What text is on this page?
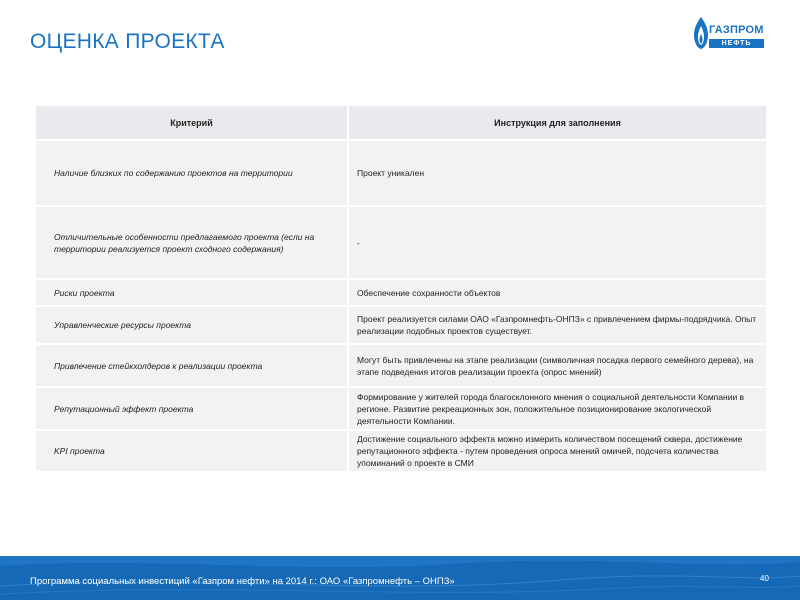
ОЦЕНКА ПРОЕКТА	ГАЗПРОМ
НЕФТЬ
Критерий	Инструкция для заполнения
Наличие близких по содержанию проектов на территории	Проект уникален
Отличительные особенности предлагаемого проекта (если на территории реализуется проект сходного содержания)	-
Риски проекта	Обеспечение сохранности объектов
Управленческие ресурсы проекта	Проект реализуется силами ОАО «Газпромнефть-ОНПЗ» с привлечением фирмы-подрядчика. Опыт реализации подобных проектов существует.
Привлечение стейкхолдеров к реализации проекта	Могут быть привлечены на этапе реализации (символичная посадка первого семейного дерева), на этапе подведения итогов реализации проекта (опрос мнений)
Репутационный эффект проекта	Формирование у жителей города благосклонного мнения о социальной деятельности Компании в регионе. Развитие рекреационных зон, положительное позиционирование экологической деятельности Компании.
KPI проекта	Достижение социального эффекта можно измерить количеством посещений сквера, достижение репутационного эффекта - путем проведения опроса мнений омичей, подсчета количества упоминаний о проекте в СМИ
Программа социальных инвестиций «Газпром нефти» на 2014 г.: ОАО «Газпромнефть – ОНПЗ»	40
